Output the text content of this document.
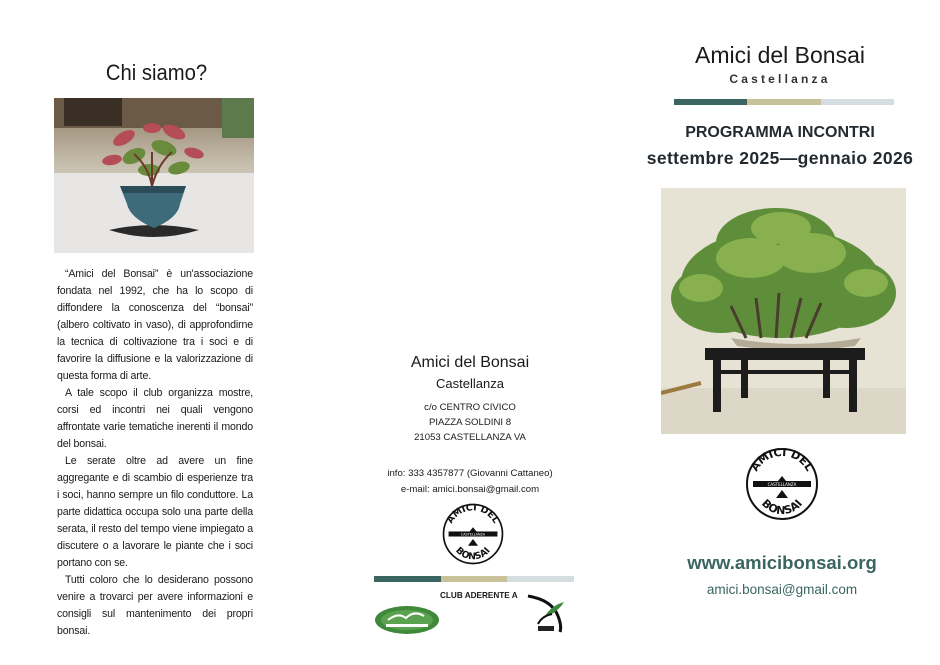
Chi siamo?

“Amici del Bonsai” è un'associazione fondata nel 1992, che ha lo scopo di diffondere la conoscenza del “bonsai” (albero coltivato in vaso), di approfondirne la tecnica di coltivazione tra i soci e di favorire la diffusione e la valorizzazione di questa forma di arte.

A tale scopo il club organizza mostre, corsi ed incontri nei quali vengono affrontate varie tematiche inerenti il mondo del bonsai.

Le serate oltre ad avere un fine aggregante e di scambio di esperienze tra i soci, hanno sempre un filo conduttore. La parte didattica occupa solo una parte della serata, il resto del tempo viene impiegato a discutere o a lavorare le piante che i soci portano con se.

Tutti coloro che lo desiderano possono venire a trovarci per avere informazioni e consigli sul mantenimento dei propri bonsai.

Amici del Bonsai
Castellanza
c/o CENTRO CIVICO
PIAZZA SOLDINI 8
21053 CASTELLANZA VA
info: 333 4357877 (Giovanni Cattaneo)
e-mail: amici.bonsai@gmail.com
AMICI DEL
BONSAI
CASTELLANZA
CLUB ADERENTE A
Amici del Bonsai
Castellanza
PROGRAMMA INCONTRI
settembre 2025—gennaio 2026
AMICI DEL
BONSAI
CASTELLANZA
www.amicibonsai.org
amici.bonsai@gmail.com
